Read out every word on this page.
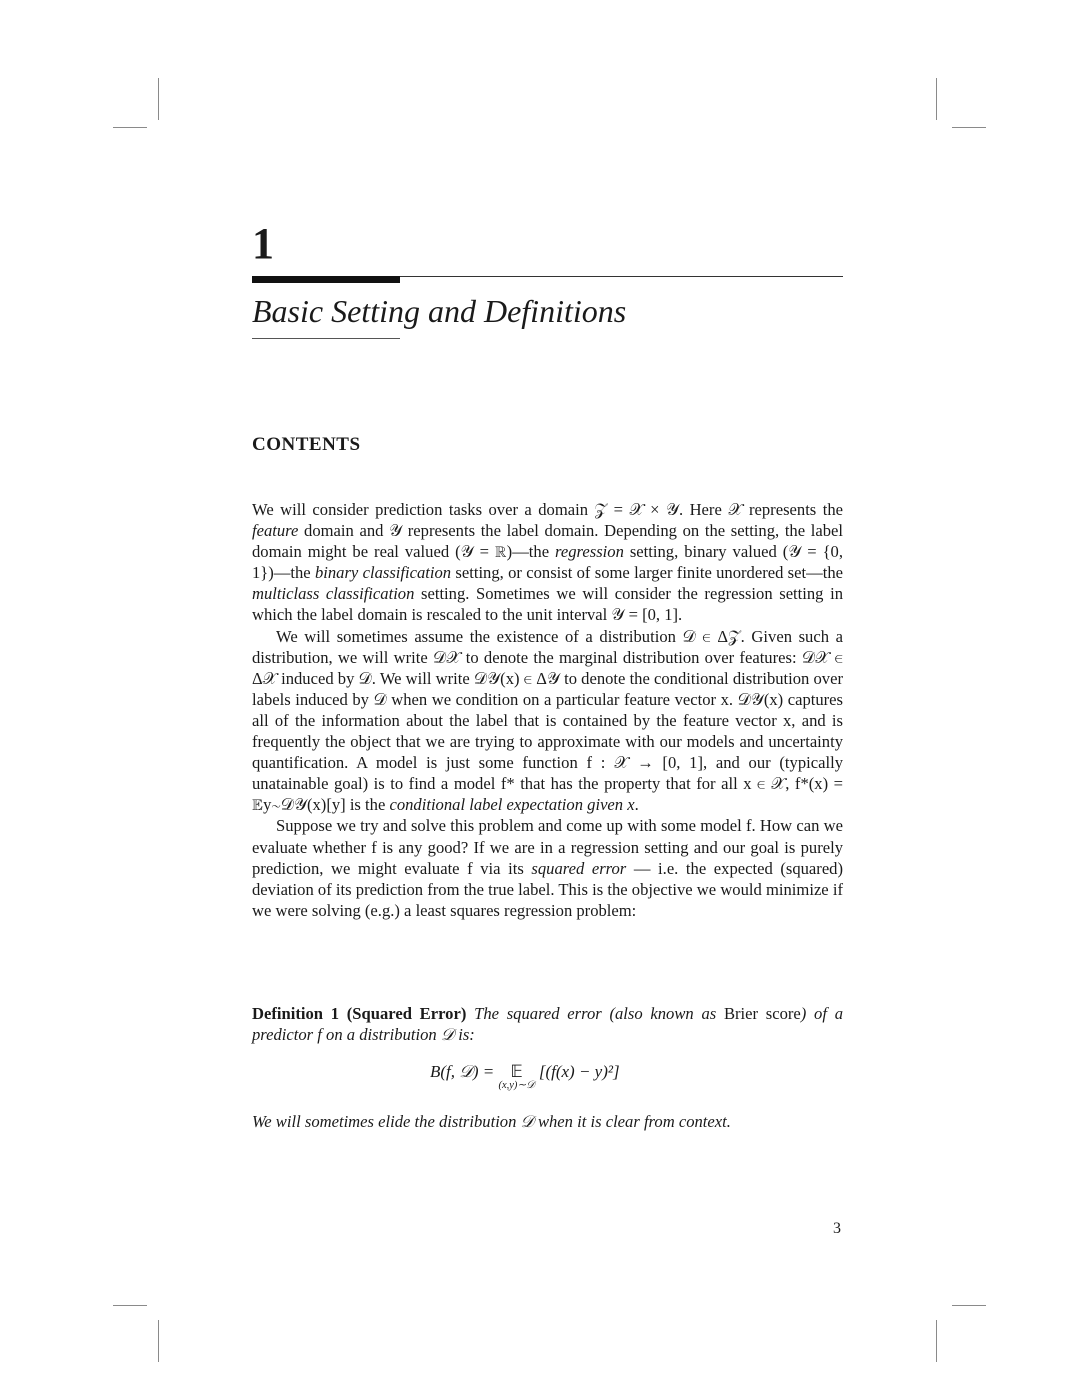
1
Basic Setting and Definitions
CONTENTS

We will consider prediction tasks over a domain 𝒵 = 𝒳 × 𝒴. Here 𝒳 represents the feature domain and 𝒴 represents the label domain. Depending on the setting, the label domain might be real valued (𝒴 = ℝ)—the regression setting, binary valued (𝒴 = {0, 1})—the binary classification setting, or consist of some larger finite unordered set—the multiclass classification setting. Sometimes we will consider the regression setting in which the label domain is rescaled to the unit interval 𝒴 = [0, 1].

We will sometimes assume the existence of a distribution 𝒟 ∈ Δ𝒵. Given such a distribution, we will write 𝒟𝒳 to denote the marginal distribution over features: 𝒟𝒳 ∈ Δ𝒳 induced by 𝒟. We will write 𝒟𝒴(x) ∈ Δ𝒴 to denote the conditional distribution over labels induced by 𝒟 when we condition on a particular feature vector x. 𝒟𝒴(x) captures all of the information about the label that is contained by the feature vector x, and is frequently the object that we are trying to approximate with our models and uncertainty quantification. A model is just some function f : 𝒳 → [0, 1], and our (typically unatainable goal) is to find a model f* that has the property that for all x ∈ 𝒳, f*(x) = 𝔼y∼𝒟𝒴(x)[y] is the conditional label expectation given x.

Suppose we try and solve this problem and come up with some model f. How can we evaluate whether f is any good? If we are in a regression setting and our goal is purely prediction, we might evaluate f via its squared error — i.e. the expected (squared) deviation of its prediction from the true label. This is the objective we would minimize if we were solving (e.g.) a least squares regression problem:

Definition 1 (Squared Error) The squared error (also known as Brier score) of a predictor f on a distribution 𝒟 is:
B(f, 𝒟) = 𝔼
(x,y)∼𝒟
[(f(x) − y)²]
We will sometimes elide the distribution 𝒟 when it is clear from context.
3
